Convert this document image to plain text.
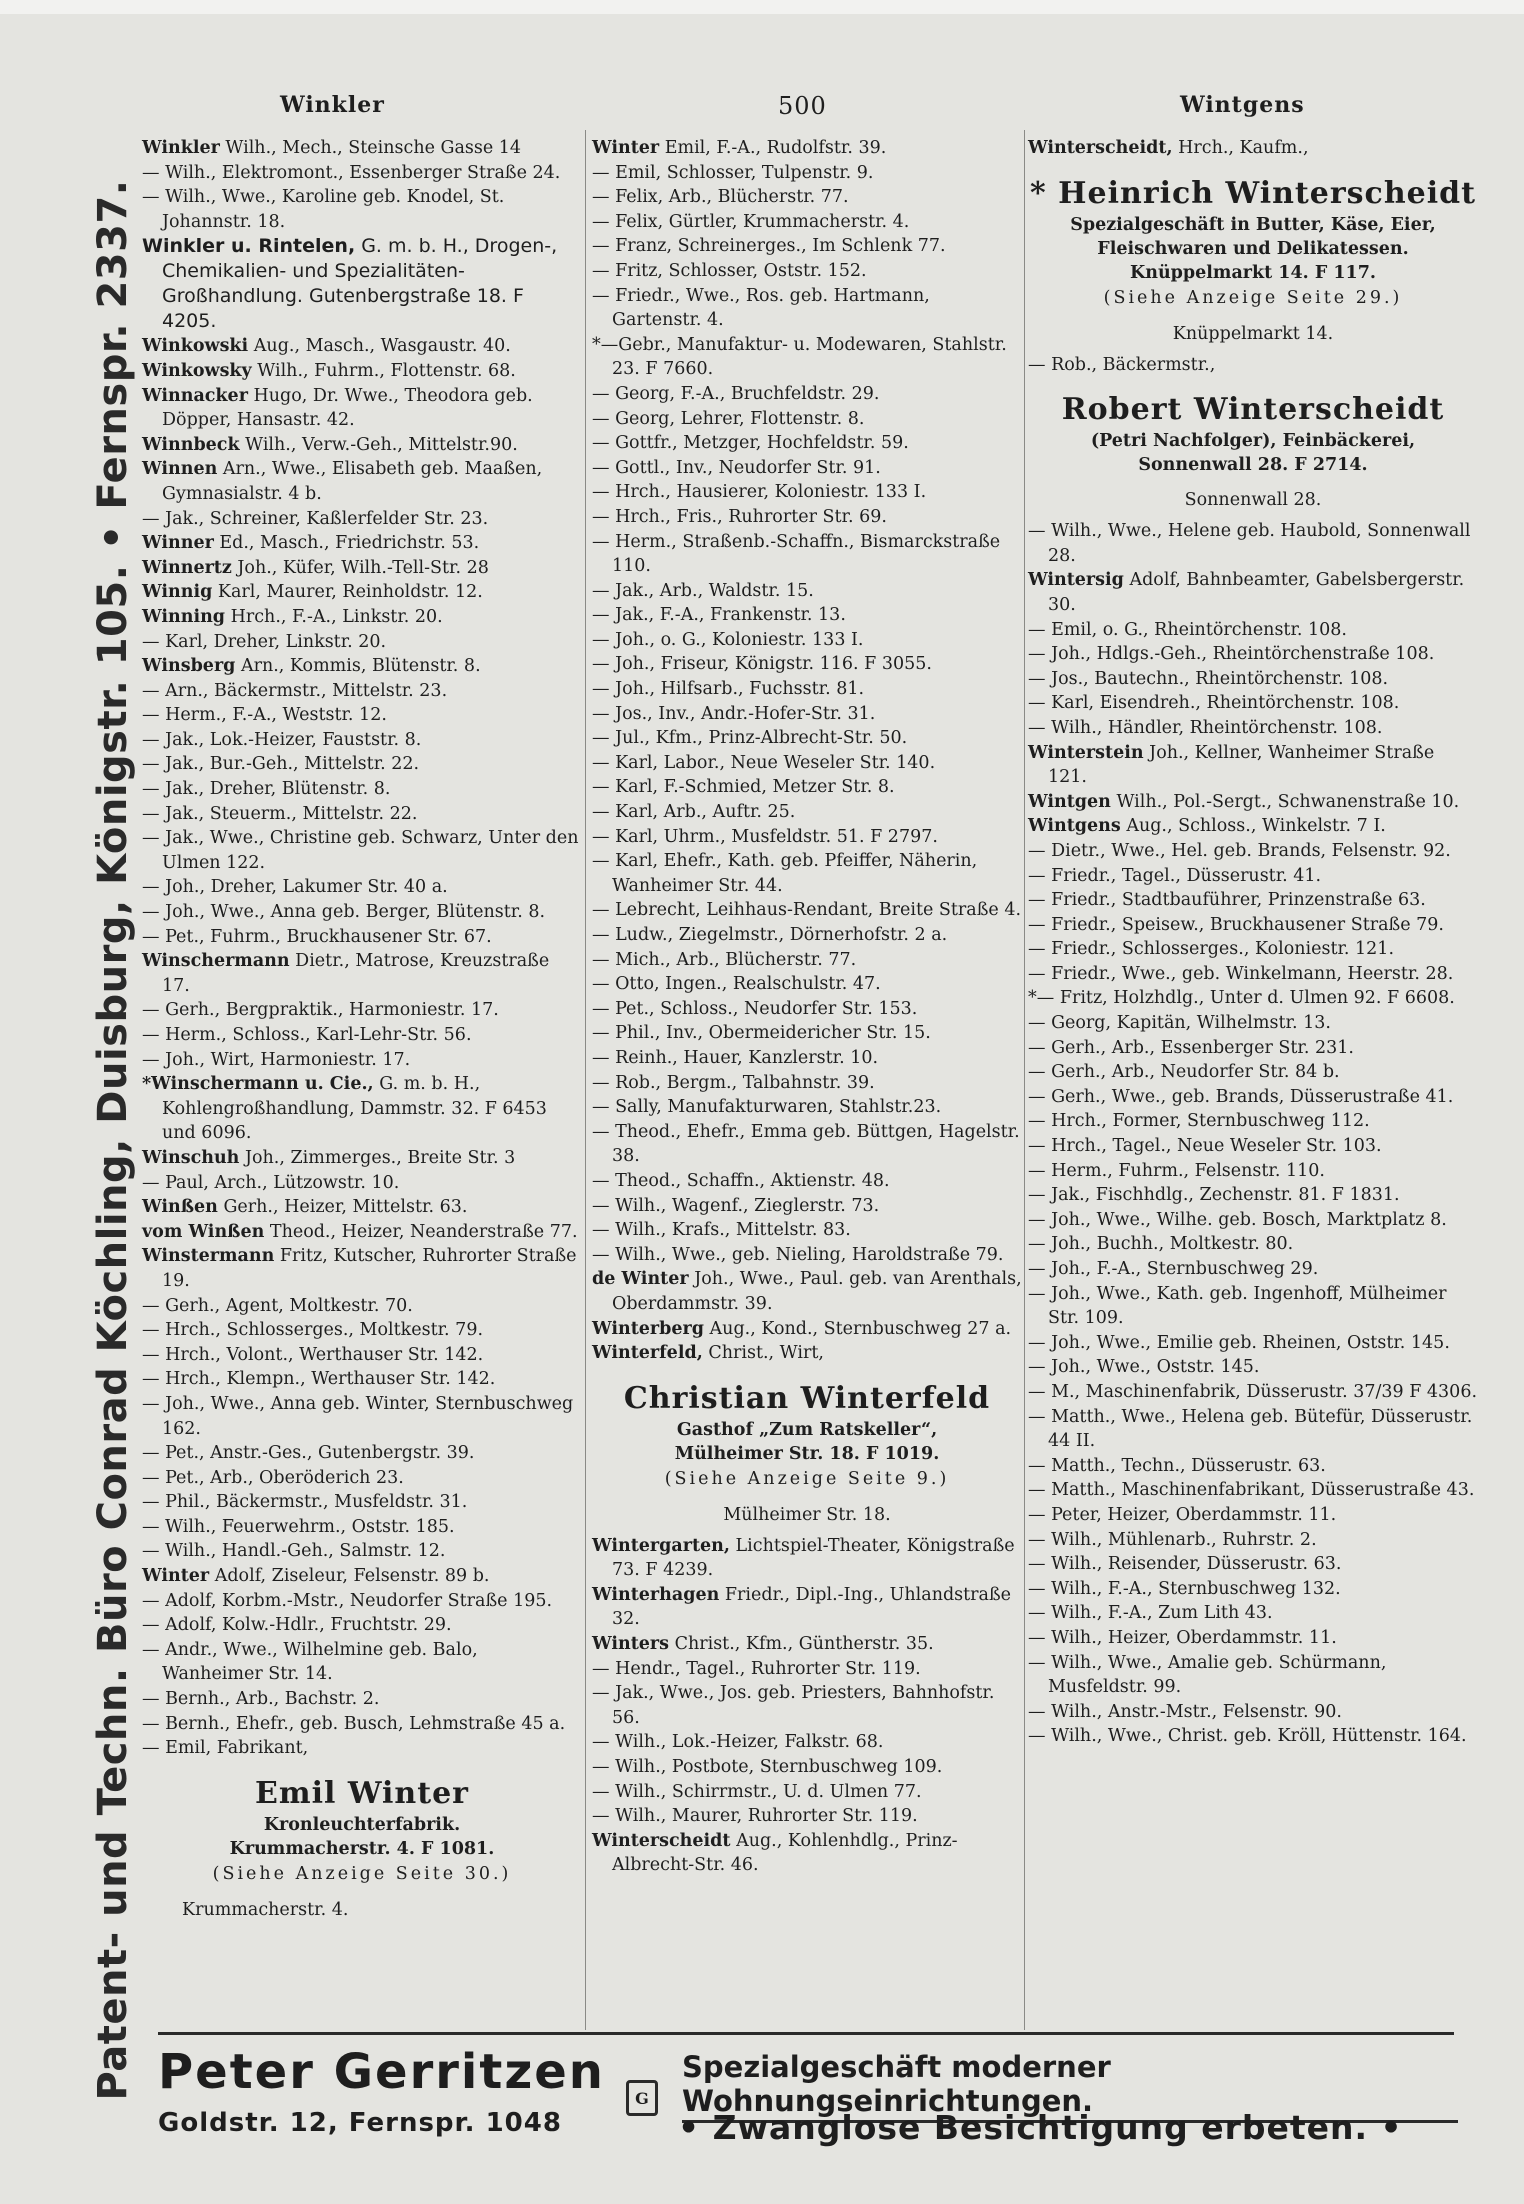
Winkler	500	Wintgens
Patent- und Techn. Büro Conrad Köchling, Duisburg, Königstr. 105. • Fernspr. 2337.

Winkler Wilh., Mech., Steinsche Gasse 14

— Wilh., Elektromont., Essenberger Straße 24.

— Wilh., Wwe., Karoline geb. Knodel, St. Johannstr. 18.

Winkler u. Rintelen, G. m. b. H., Drogen-, Chemikalien- und Spezialitäten-Großhandlung. Gutenbergstraße 18. F 4205.

Winkowski Aug., Masch., Wasgaustr. 40.

Winkowsky Wilh., Fuhrm., Flottenstr. 68.

Winnacker Hugo, Dr. Wwe., Theodora geb. Döpper, Hansastr. 42.

Winnbeck Wilh., Verw.-Geh., Mittelstr.90.

Winnen Arn., Wwe., Elisabeth geb. Maaßen, Gymnasialstr. 4 b.

— Jak., Schreiner, Kaßlerfelder Str. 23.

Winner Ed., Masch., Friedrichstr. 53.

Winnertz Joh., Küfer, Wilh.-Tell-Str. 28

Winnig Karl, Maurer, Reinholdstr. 12.

Winning Hrch., F.-A., Linkstr. 20.

— Karl, Dreher, Linkstr. 20.

Winsberg Arn., Kommis, Blütenstr. 8.

— Arn., Bäckermstr., Mittelstr. 23.

— Herm., F.-A., Weststr. 12.

— Jak., Lok.-Heizer, Fauststr. 8.

— Jak., Bur.-Geh., Mittelstr. 22.

— Jak., Dreher, Blütenstr. 8.

— Jak., Steuerm., Mittelstr. 22.

— Jak., Wwe., Christine geb. Schwarz, Unter den Ulmen 122.

— Joh., Dreher, Lakumer Str. 40 a.

— Joh., Wwe., Anna geb. Berger, Blütenstr. 8.

— Pet., Fuhrm., Bruckhausener Str. 67.

Winschermann Dietr., Matrose, Kreuzstraße 17.

— Gerh., Bergpraktik., Harmoniestr. 17.

— Herm., Schloss., Karl-Lehr-Str. 56.

— Joh., Wirt, Harmoniestr. 17.

*Winschermann u. Cie., G. m. b. H., Kohlengroßhandlung, Dammstr. 32. F 6453 und 6096.

Winschuh Joh., Zimmerges., Breite Str. 3

— Paul, Arch., Lützowstr. 10.

Winßen Gerh., Heizer, Mittelstr. 63.

vom Winßen Theod., Heizer, Neanderstraße 77.

Winstermann Fritz, Kutscher, Ruhrorter Straße 19.

— Gerh., Agent, Moltkestr. 70.

— Hrch., Schlosserges., Moltkestr. 79.

— Hrch., Volont., Werthauser Str. 142.

— Hrch., Klempn., Werthauser Str. 142.

— Joh., Wwe., Anna geb. Winter, Sternbuschweg 162.

— Pet., Anstr.-Ges., Gutenbergstr. 39.

— Pet., Arb., Oberöderich 23.

— Phil., Bäckermstr., Musfeldstr. 31.

— Wilh., Feuerwehrm., Oststr. 185.

— Wilh., Handl.-Geh., Salmstr. 12.

Winter Adolf, Ziseleur, Felsenstr. 89 b.

— Adolf, Korbm.-Mstr., Neudorfer Straße 195.

— Adolf, Kolw.-Hdlr., Fruchtstr. 29.

— Andr., Wwe., Wilhelmine geb. Balo, Wanheimer Str. 14.

— Bernh., Arb., Bachstr. 2.

— Bernh., Ehefr., geb. Busch, Lehmstraße 45 a.

— Emil, Fabrikant,

Emil Winter
Kronleuchterfabrik.
Krummacherstr. 4. F 1081.
(Siehe Anzeige Seite 30.)
Krummacherstr. 4.

Winter Emil, F.-A., Rudolfstr. 39.

— Emil, Schlosser, Tulpenstr. 9.

— Felix, Arb., Blücherstr. 77.

— Felix, Gürtler, Krummacherstr. 4.

— Franz, Schreinerges., Im Schlenk 77.

— Fritz, Schlosser, Oststr. 152.

— Friedr., Wwe., Ros. geb. Hartmann, Gartenstr. 4.

*—Gebr., Manufaktur- u. Modewaren, Stahlstr. 23. F 7660.

— Georg, F.-A., Bruchfeldstr. 29.

— Georg, Lehrer, Flottenstr. 8.

— Gottfr., Metzger, Hochfeldstr. 59.

— Gottl., Inv., Neudorfer Str. 91.

— Hrch., Hausierer, Koloniestr. 133 I.

— Hrch., Fris., Ruhrorter Str. 69.

— Herm., Straßenb.-Schaffn., Bismarckstraße 110.

— Jak., Arb., Waldstr. 15.

— Jak., F.-A., Frankenstr. 13.

— Joh., o. G., Koloniestr. 133 I.

— Joh., Friseur, Königstr. 116. F 3055.

— Joh., Hilfsarb., Fuchsstr. 81.

— Jos., Inv., Andr.-Hofer-Str. 31.

— Jul., Kfm., Prinz-Albrecht-Str. 50.

— Karl, Labor., Neue Weseler Str. 140.

— Karl, F.-Schmied, Metzer Str. 8.

— Karl, Arb., Auftr. 25.

— Karl, Uhrm., Musfeldstr. 51. F 2797.

— Karl, Ehefr., Kath. geb. Pfeiffer, Näherin, Wanheimer Str. 44.

— Lebrecht, Leihhaus-Rendant, Breite Straße 4.

— Ludw., Ziegelmstr., Dörnerhofstr. 2 a.

— Mich., Arb., Blücherstr. 77.

— Otto, Ingen., Realschulstr. 47.

— Pet., Schloss., Neudorfer Str. 153.

— Phil., Inv., Obermeidericher Str. 15.

— Reinh., Hauer, Kanzlerstr. 10.

— Rob., Bergm., Talbahnstr. 39.

— Sally, Manufakturwaren, Stahlstr.23.

— Theod., Ehefr., Emma geb. Büttgen, Hagelstr. 38.

— Theod., Schaffn., Aktienstr. 48.

— Wilh., Wagenf., Zieglerstr. 73.

— Wilh., Krafs., Mittelstr. 83.

— Wilh., Wwe., geb. Nieling, Haroldstraße 79.

de Winter Joh., Wwe., Paul. geb. van Arenthals, Oberdammstr. 39.

Winterberg Aug., Kond., Sternbuschweg 27 a.

Winterfeld, Christ., Wirt,

Christian Winterfeld
Gasthof „Zum Ratskeller“,
Mülheimer Str. 18. F 1019.
(Siehe Anzeige Seite 9.)
Mülheimer Str. 18.

Wintergarten, Lichtspiel-Theater, Königstraße 73. F 4239.

Winterhagen Friedr., Dipl.-Ing., Uhlandstraße 32.

Winters Christ., Kfm., Güntherstr. 35.

— Hendr., Tagel., Ruhrorter Str. 119.

— Jak., Wwe., Jos. geb. Priesters, Bahnhofstr. 56.

— Wilh., Lok.-Heizer, Falkstr. 68.

— Wilh., Postbote, Sternbuschweg 109.

— Wilh., Schirrmstr., U. d. Ulmen 77.

— Wilh., Maurer, Ruhrorter Str. 119.

Winterscheidt Aug., Kohlenhdlg., Prinz-Albrecht-Str. 46.

Winterscheidt, Hrch., Kaufm.,

* Heinrich Winterscheidt
Spezialgeschäft in Butter, Käse, Eier, Fleischwaren und Delikatessen.
Knüppelmarkt 14. F 117.
(Siehe Anzeige Seite 29.)
Knüppelmarkt 14.

— Rob., Bäckermstr.,

Robert Winterscheidt
(Petri Nachfolger), Feinbäckerei,
Sonnenwall 28. F 2714.
Sonnenwall 28.

— Wilh., Wwe., Helene geb. Haubold, Sonnenwall 28.

Wintersig Adolf, Bahnbeamter, Gabelsbergerstr. 30.

— Emil, o. G., Rheintörchenstr. 108.

— Joh., Hdlgs.-Geh., Rheintörchenstraße 108.

— Jos., Bautechn., Rheintörchenstr. 108.

— Karl, Eisendreh., Rheintörchenstr. 108.

— Wilh., Händler, Rheintörchenstr. 108.

Winterstein Joh., Kellner, Wanheimer Straße 121.

Wintgen Wilh., Pol.-Sergt., Schwanenstraße 10.

Wintgens Aug., Schloss., Winkelstr. 7 I.

— Dietr., Wwe., Hel. geb. Brands, Felsenstr. 92.

— Friedr., Tagel., Düsserustr. 41.

— Friedr., Stadtbauführer, Prinzenstraße 63.

— Friedr., Speisew., Bruckhausener Straße 79.

— Friedr., Schlosserges., Koloniestr. 121.

— Friedr., Wwe., geb. Winkelmann, Heerstr. 28.

*— Fritz, Holzhdlg., Unter d. Ulmen 92. F 6608.

— Georg, Kapitän, Wilhelmstr. 13.

— Gerh., Arb., Essenberger Str. 231.

— Gerh., Arb., Neudorfer Str. 84 b.

— Gerh., Wwe., geb. Brands, Düsserustraße 41.

— Hrch., Former, Sternbuschweg 112.

— Hrch., Tagel., Neue Weseler Str. 103.

— Herm., Fuhrm., Felsenstr. 110.

— Jak., Fischhdlg., Zechenstr. 81. F 1831.

— Joh., Wwe., Wilhe. geb. Bosch, Marktplatz 8.

— Joh., Buchh., Moltkestr. 80.

— Joh., F.-A., Sternbuschweg 29.

— Joh., Wwe., Kath. geb. Ingenhoff, Mülheimer Str. 109.

— Joh., Wwe., Emilie geb. Rheinen, Oststr. 145.

— Joh., Wwe., Oststr. 145.

— M., Maschinenfabrik, Düsserustr. 37/39 F 4306.

— Matth., Wwe., Helena geb. Bütefür, Düsserustr. 44 II.

— Matth., Techn., Düsserustr. 63.

— Matth., Maschinenfabrikant, Düsserustraße 43.

— Peter, Heizer, Oberdammstr. 11.

— Wilh., Mühlenarb., Ruhrstr. 2.

— Wilh., Reisender, Düsserustr. 63.

— Wilh., F.-A., Sternbuschweg 132.

— Wilh., F.-A., Zum Lith 43.

— Wilh., Heizer, Oberdammstr. 11.

— Wilh., Wwe., Amalie geb. Schürmann, Musfeldstr. 99.

— Wilh., Anstr.-Mstr., Felsenstr. 90.

— Wilh., Wwe., Christ. geb. Kröll, Hüttenstr. 164.

Peter Gerritzen
Goldstr. 12, Fernspr. 1048
G
Spezialgeschäft moderner Wohnungseinrichtungen.
• Zwanglose Besichtigung erbeten. •
